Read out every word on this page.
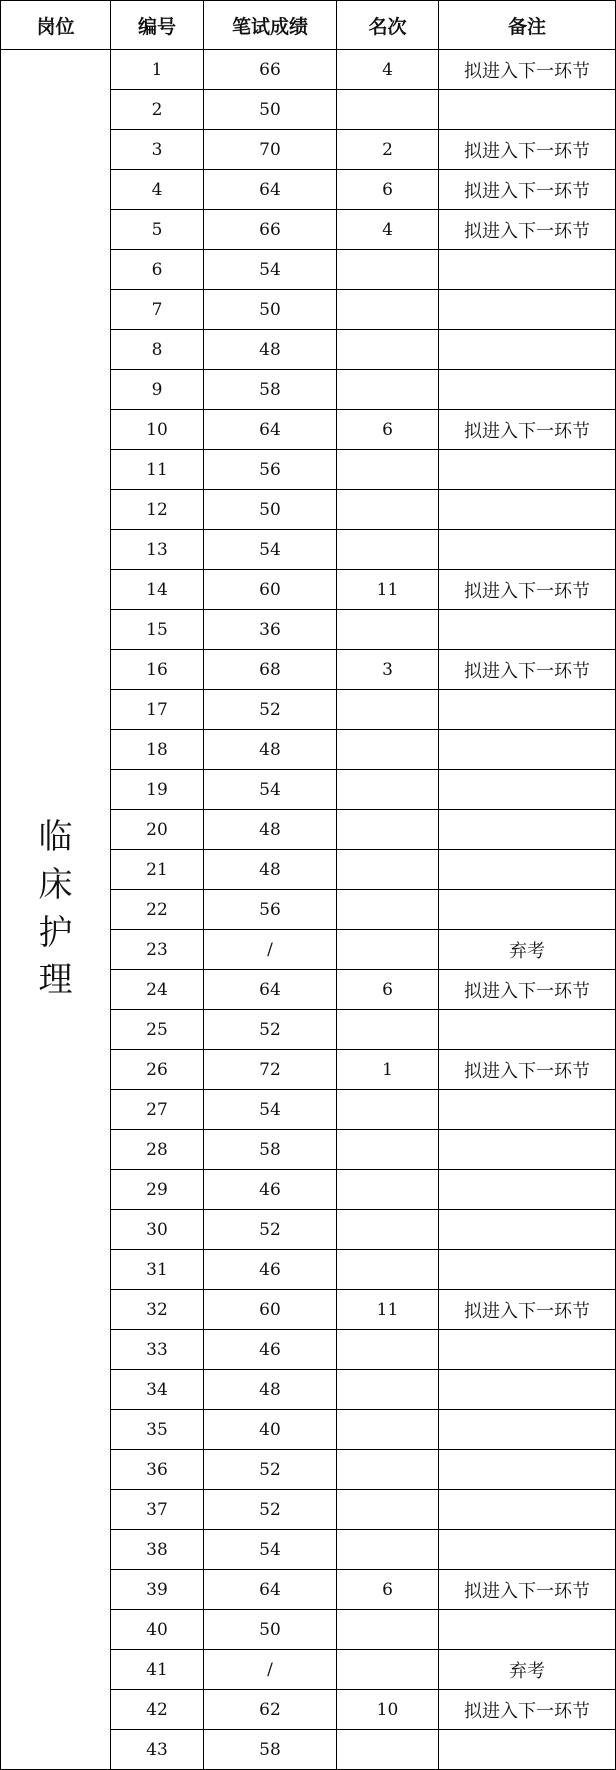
岗位	编号	笔试成绩	名次	备注

临
床
护
理	1	66	4	拟进入下一环节
	2	50		
	3	70	2	拟进入下一环节
	4	64	6	拟进入下一环节
	5	66	4	拟进入下一环节
	6	54		
	7	50		
	8	48		
	9	58		
	10	64	6	拟进入下一环节
	11	56		
	12	50		
	13	54		
	14	60	11	拟进入下一环节
	15	36		
	16	68	3	拟进入下一环节
	17	52		
	18	48		
	19	54		
	20	48		
	21	48		
	22	56		
	23	/		弃考
	24	64	6	拟进入下一环节
	25	52		
	26	72	1	拟进入下一环节
	27	54		
	28	58		
	29	46		
	30	52		
	31	46		
	32	60	11	拟进入下一环节
	33	46		
	34	48		
	35	40		
	36	52		
	37	52		
	38	54		
	39	64	6	拟进入下一环节
	40	50		
	41	/		弃考
	42	62	10	拟进入下一环节
	43	58		
